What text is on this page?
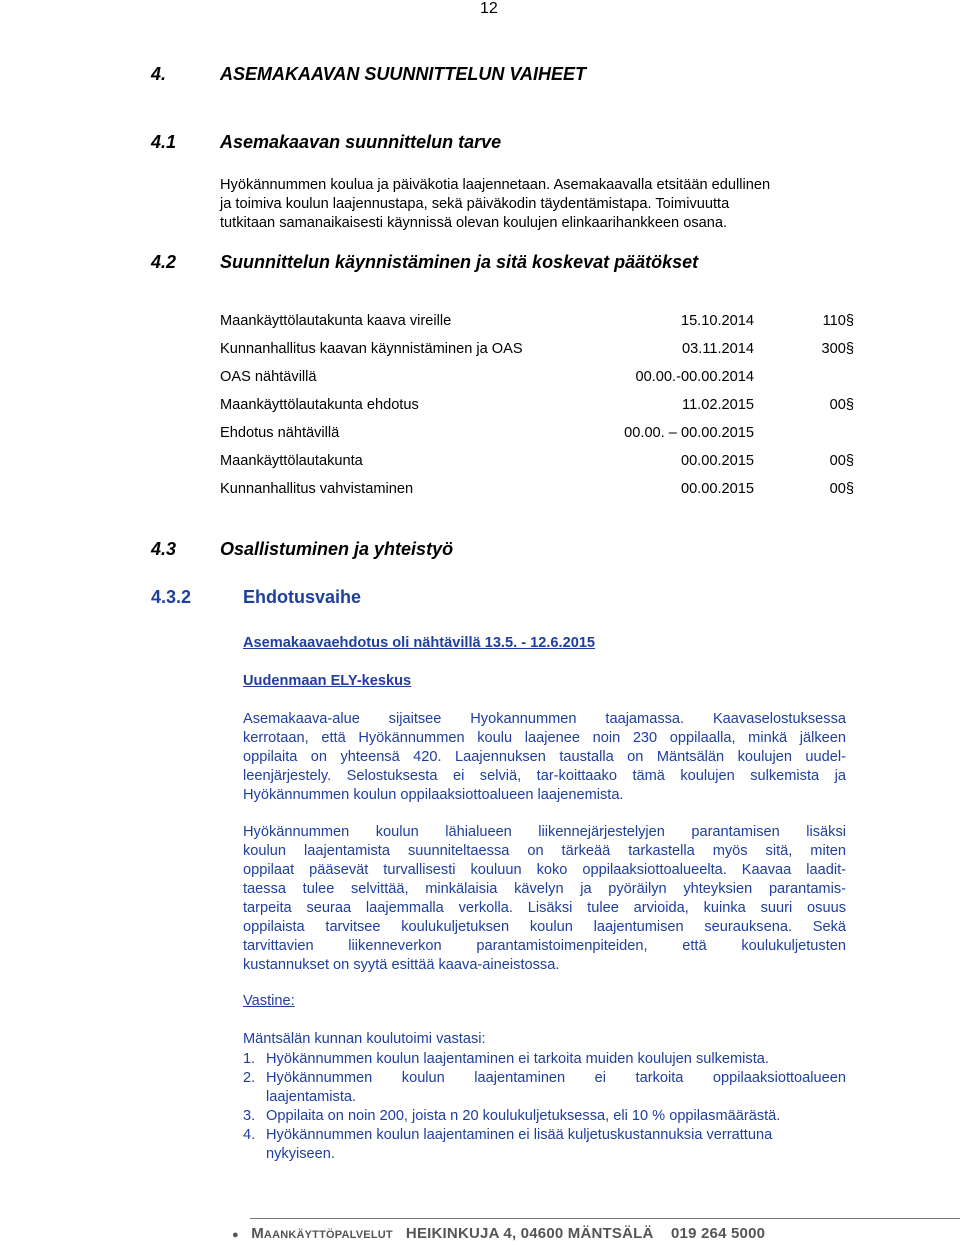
12
4.	ASEMAKAAVAN SUUNNITTELUN VAIHEET
4.1 Asemakaavan suunnittelun tarve
Hyökännummen koulua ja päiväkotia laajennetaan. Asemakaavalla etsitään edullinen
ja toimiva koulun laajennustapa, sekä päiväkodin täydentämistapa. Toimivuutta
tutkitaan samanaikaisesti käynnissä olevan koulujen elinkaarihankkeen osana.
4.2 Suunnittelun käynnistäminen ja sitä koskevat päätökset
Maankäyttölautakunta kaava vireille	15.10.2014	110§
Kunnanhallitus kaavan käynnistäminen ja OAS	03.11.2014	300§
OAS nähtävillä	00.00.-00.00.2014
Maankäyttölautakunta ehdotus	11.02.2015	00§
Ehdotus nähtävillä	00.00. – 00.00.2015
Maankäyttölautakunta	00.00.2015	00§
Kunnanhallitus vahvistaminen	00.00.2015	00§
4.3 Osallistuminen ja yhteistyö
4.3.2	Ehdotusvaihe
Asemakaavaehdotus oli nähtävillä 13.5. - 12.6.2015
Uudenmaan ELY-keskus
Asemakaava-alue sijaitsee Hyokannummen taajamassa. Kaavaselostuksessa
kerrotaan, että Hyökännummen koulu laajenee noin 230 oppilaalla, minkä jälkeen
oppilaita on yhteensä 420. Laajennuksen taustalla on Mäntsälän koulujen uudel-
leenjärjestely. Selostuksesta ei selviä, tar-koittaako tämä koulujen sulkemista ja
Hyökännummen koulun oppilaaksiottoalueen laajenemista.
Hyökännummen koulun lähialueen liikennejärjestelyjen parantamisen lisäksi
koulun laajentamista suunniteltaessa on tärkeää tarkastella myös sitä, miten
oppilaat pääsevät turvallisesti kouluun koko oppilaaksiottoalueelta. Kaavaa laadit-
taessa tulee selvittää, minkälaisia kävelyn ja pyöräilyn yhteyksien parantamis-
tarpeita seuraa laajemmalla verkolla. Lisäksi tulee arvioida, kuinka suuri osuus
oppilaista tarvitsee koulukuljetuksen koulun laajentumisen seurauksena. Sekä
tarvittavien liikenneverkon parantamistoimenpiteiden, että koulukuljetusten
kustannukset on syytä esittää kaava-aineistossa.
Vastine:
Mäntsälän kunnan koulutoimi vastasi:
1. Hyökännummen koulun laajentaminen ei tarkoita muiden koulujen sulkemista.
2. Hyökännummen koulun laajentaminen ei tarkoita oppilaaksiottoalueen
laajentamista.
3. Oppilaita on noin 200, joista n 20 koulukuljetuksessa, eli 10 % oppilasmäärästä.
4. Hyökännummen koulun laajentaminen ei lisää kuljetuskustannuksia verrattuna
nykyiseen.
● Maankäyttöpalvelut HEIKINKUJA 4, 04600 MÄNTSÄLÄ 019 264 5000
